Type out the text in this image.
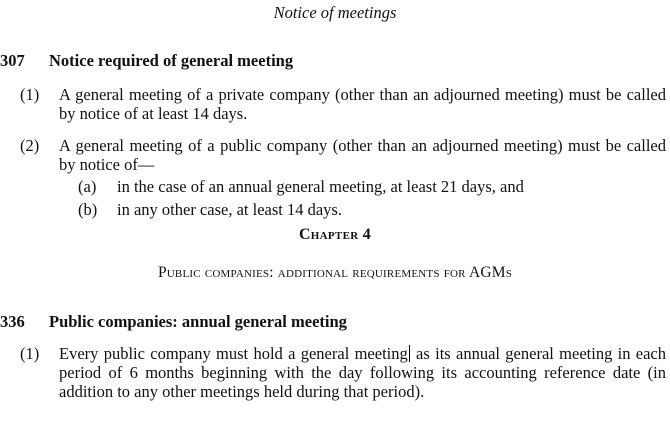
Notice of meetings
307 Notice required of general meeting
(1) A general meeting of a private company (other than an adjourned meeting) must be called by notice of at least 14 days.
(2) A general meeting of a public company (other than an adjourned meeting) must be called by notice of—
(a) in the case of an annual general meeting, at least 21 days, and
(b) in any other case, at least 14 days.
Chapter 4
Public companies: additional requirements for AGMs
336 Public companies: annual general meeting
(1) Every public company must hold a general meeting as its annual general meeting in each period of 6 months beginning with the day following its accounting reference date (in addition to any other meetings held during that period).
